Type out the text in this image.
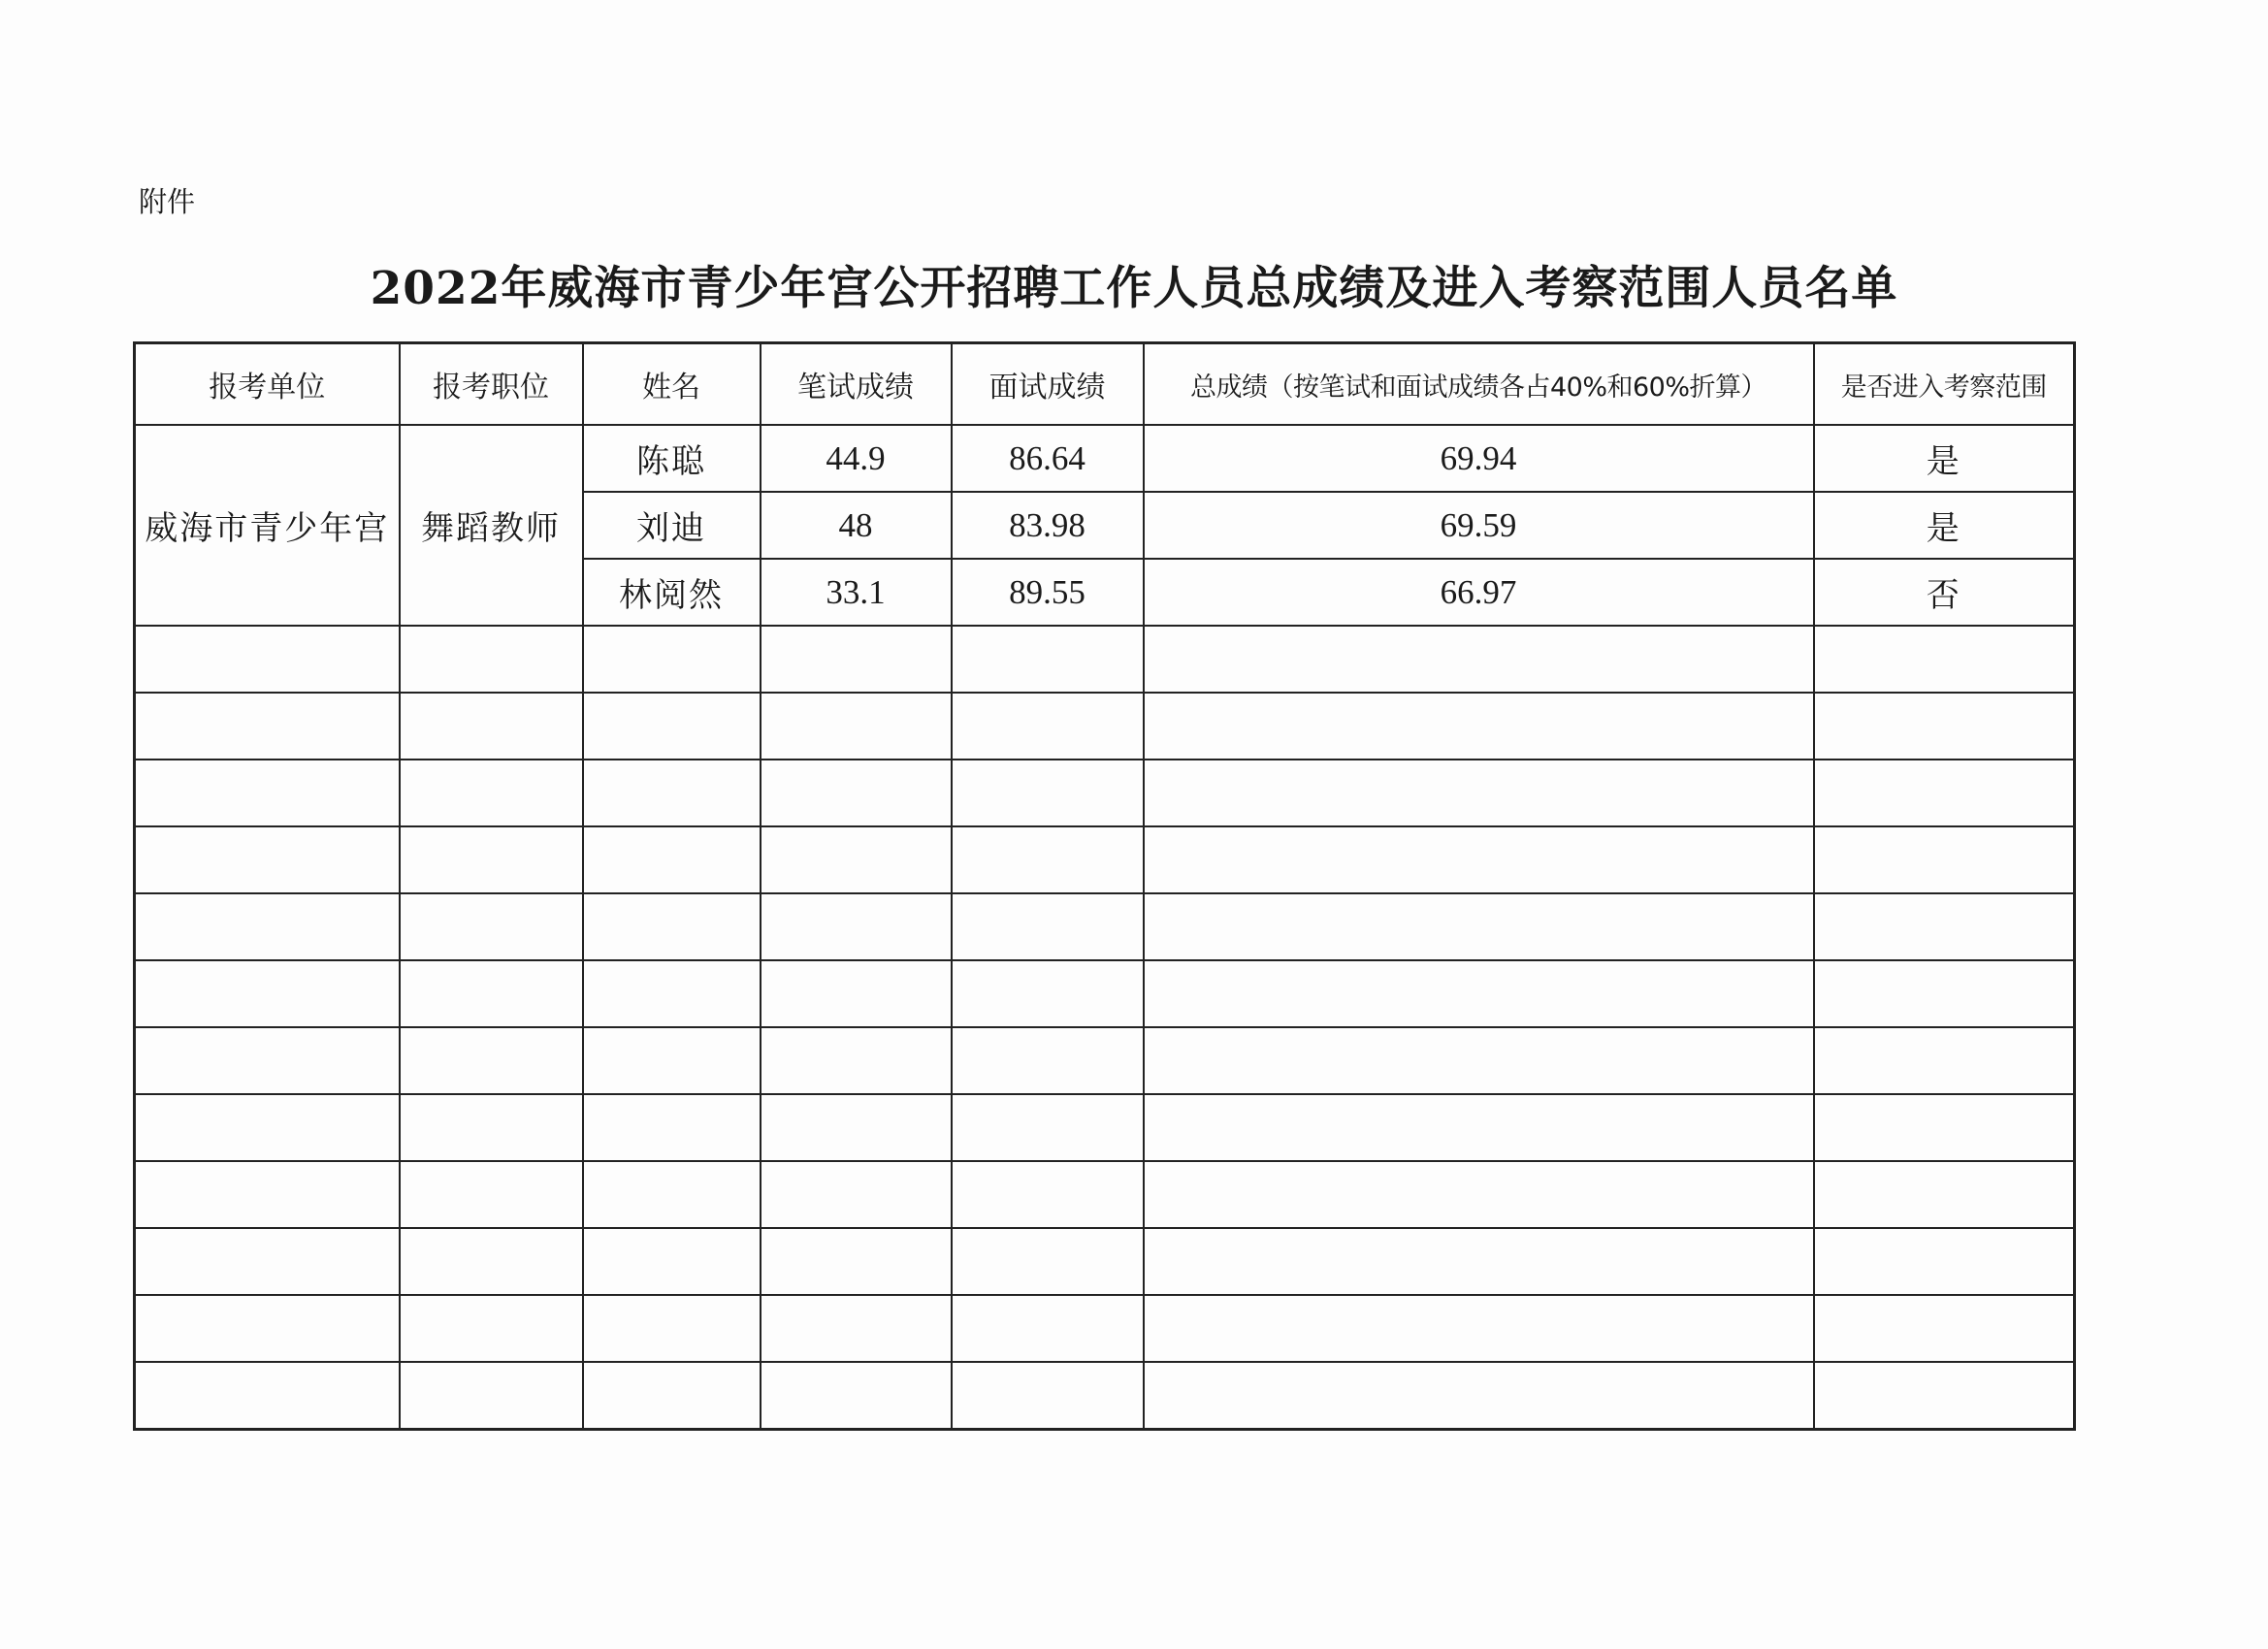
附件
2022年威海市青少年宫公开招聘工作人员总成绩及进入考察范围人员名单
报考单位	报考职位	姓名	笔试成绩	面试成绩	总成绩（按笔试和面试成绩各占40%和60%折算）	是否进入考察范围
威海市青少年宫	舞蹈教师	陈聪	44.9	86.64	69.94	是
		刘迪	48	83.98	69.59	是
		林阅然	33.1	89.55	66.97	否
